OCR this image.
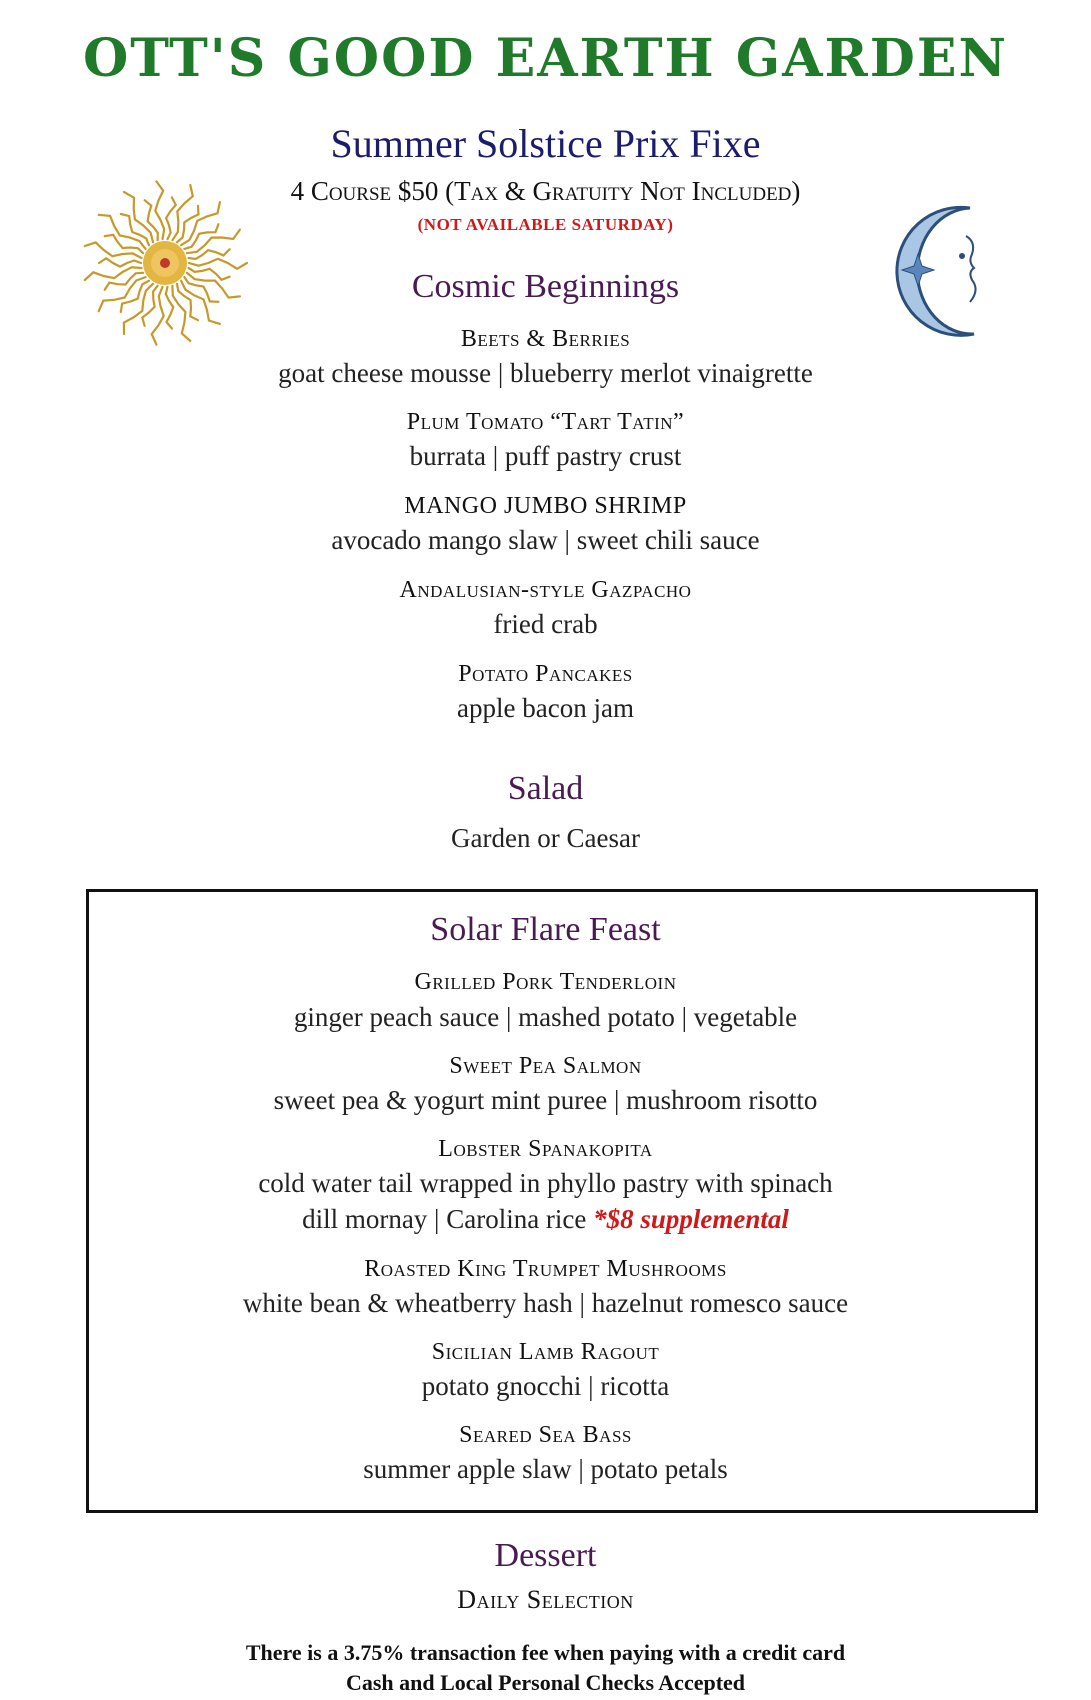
OTT'S GOOD EARTH GARDEN
Summer Solstice Prix Fixe
4 Course $50 (Tax & Gratuity Not Included)
(NOT AVAILABLE SATURDAY)
Cosmic Beginnings
Beets & Berries
goat cheese mousse | blueberry merlot vinaigrette
Plum Tomato “Tart Tatin”
burrata | puff pastry crust
MANGO JUMBO SHRIMP
avocado mango slaw | sweet chili sauce
Andalusian-style Gazpacho
fried crab
Potato Pancakes
apple bacon jam
Salad
Garden or Caesar
Solar Flare Feast
Grilled Pork Tenderloin
ginger peach sauce | mashed potato | vegetable
Sweet Pea Salmon
sweet pea & yogurt mint puree | mushroom risotto
Lobster Spanakopita
cold water tail wrapped in phyllo pastry with spinach
dill mornay | Carolina rice *$8 supplemental
Roasted King Trumpet Mushrooms
white bean & wheatberry hash | hazelnut romesco sauce
Sicilian Lamb Ragout
potato gnocchi | ricotta
Seared Sea Bass
summer apple slaw | potato petals
Dessert
Daily Selection
There is a 3.75% transaction fee when paying with a credit card
Cash and Local Personal Checks Accepted
